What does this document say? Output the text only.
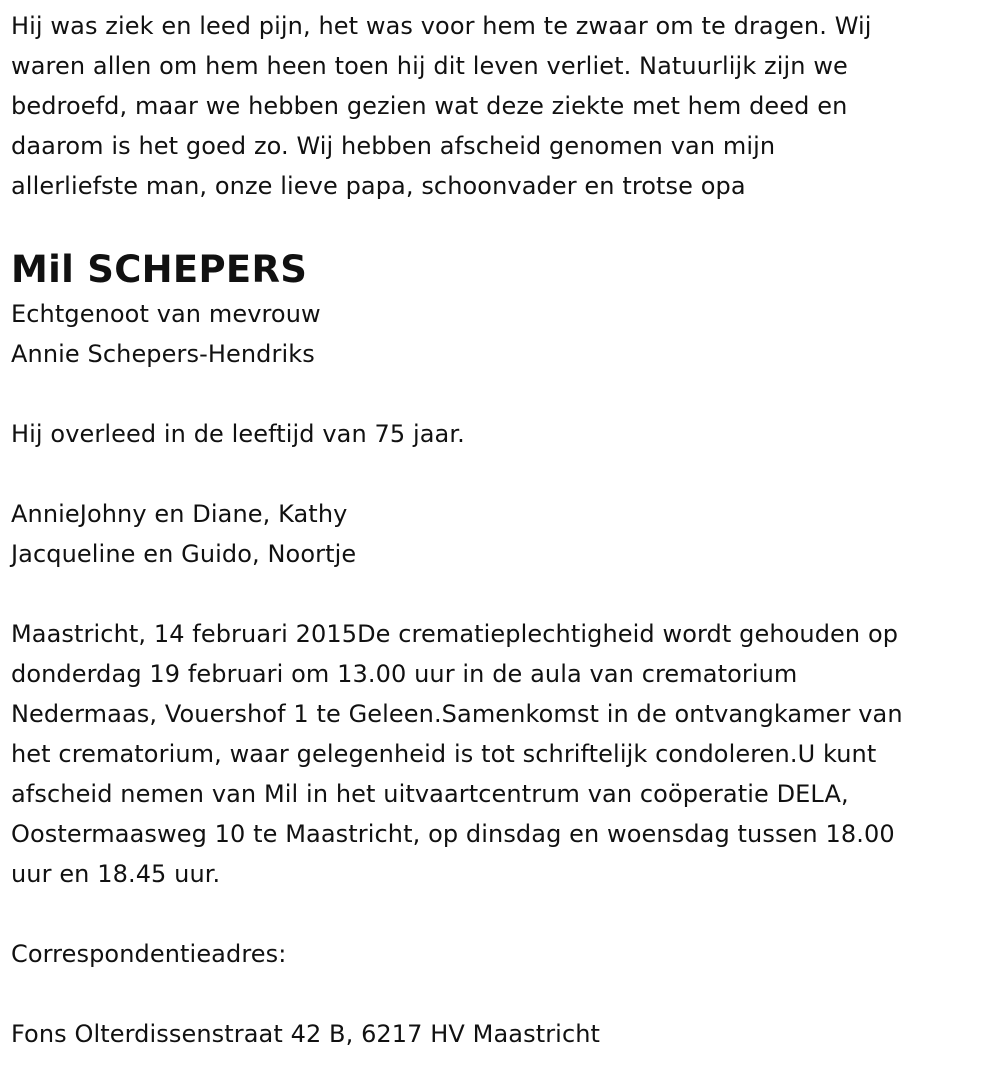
Hij was ziek en leed pijn, het was voor hem te zwaar om te dragen. Wij
waren allen om hem heen toen hij dit leven verliet. Natuurlijk zijn we
bedroefd, maar we hebben gezien wat deze ziekte met hem deed en
daarom is het goed zo. Wij hebben afscheid genomen van mijn
allerliefste man, onze lieve papa, schoonvader en trotse opa

Mil SCHEPERS

Echtgenoot van mevrouw
Annie Schepers-Hendriks

Hij overleed in de leeftijd van 75 jaar.

AnnieJohny en Diane, Kathy
Jacqueline en Guido, Noortje

Maastricht, 14 februari 2015De crematieplechtigheid wordt gehouden op
donderdag 19 februari om 13.00 uur in de aula van crematorium
Nedermaas, Vouershof 1 te Geleen.Samenkomst in de ontvangkamer van
het crematorium, waar gelegenheid is tot schriftelijk condoleren.U kunt
afscheid nemen van Mil in het uitvaartcentrum van coöperatie DELA,
Oostermaasweg 10 te Maastricht, op dinsdag en woensdag tussen 18.00
uur en 18.45 uur.

Correspondentieadres:

Fons Olterdissenstraat 42 B, 6217 HV Maastricht
